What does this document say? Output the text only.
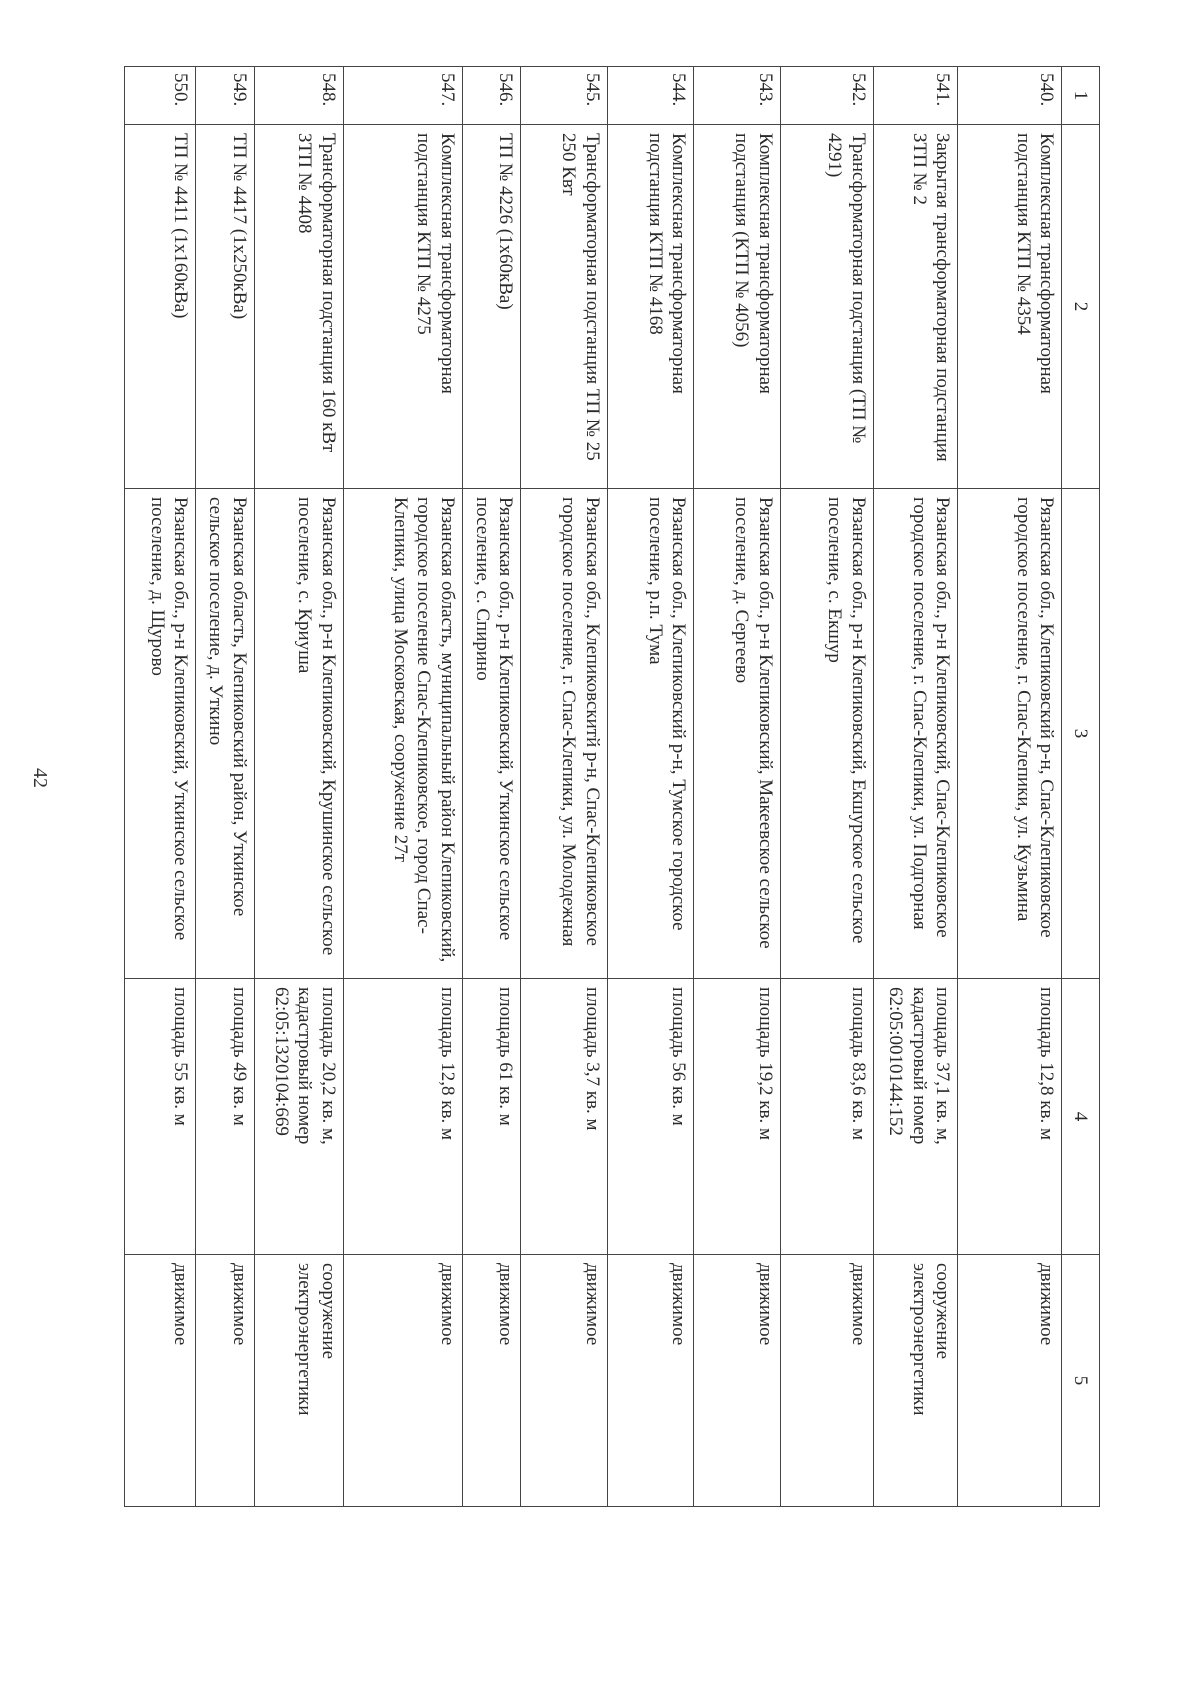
42
1	2	3	4	5
540.	Комплексная трансформаторная подстанция КТП № 4354	Рязанская обл., Клепиковский р-н, Спас-Клепиковское городское поселение, г. Спас-Клепики, ул. Кузьмина	площадь 12,8 кв. м	движимое
541.	Закрытая трансформаторная подстанция ЗТП № 2	Рязанская обл., р-н Клепиковский, Спас-Клепиковское городское поселение, г. Спас-Клепики, ул. Подгорная	площадь 37,1 кв. м, кадастровый номер 62:05:0010144:152	сооружение электроэнергетики
542.	Трансформаторная подстанция (ТП № 4291)	Рязанская обл., р-н Клепиковский, Екшурское сельское поселение, с. Екшур	площадь 83,6 кв. м	движимое
543.	Комплексная трансформаторная подстанция (КТП № 4056)	Рязанская обл., р-н Клепиковский, Макеевское сельское поселение, д. Сергеево	площадь 19,2 кв. м	движимое
544.	Комплексная трансформаторная подстанция КТП № 4168	Рязанская обл., Клепиковский р-н, Тумское городское поселение, р.п. Тума	площадь 56 кв. м	движимое
545.	Трансформаторная подстанция ТП № 25 250 Квт	Рязанская обл., Клепиковскитй р-н, Спас-Клепиковское городское поселение, г. Спас-Клепики, ул. Молодежная	площадь 3,7 кв. м	движимое
546.	ТП № 4226 (1х60кВа)	Рязанская обл., р-н Клепиковский, Уткинское сельское поселение, с. Спирино	площадь 61 кв. м	движимое
547.	Комплексная трансформаторная подстанция КТП № 4275	Рязанская область, муниципальный район Клепиковский, городское поселение Спас-Клепиковское, город Спас-Клепики, улица Московская, сооружение 27т	площадь 12,8 кв. м	движимое
548.	Трансформаторная подстанция 160 кВт ЗТП № 4408	Рязанская обл., р-н Клепиковский, Крушинское сельское поселение, с. Криуша	площадь 20,2 кв. м, кадастровый номер 62:05:1320104:669	сооружение электроэнергетики
549.	ТП № 4417 (1х250кВа)	Рязанская область, Клепиковский район, Уткинское сельское поселение, д. Уткино	площадь 49 кв. м	движимое
550.	ТП № 4411 (1х160кВа)	Рязанская обл., р-н Клепиковский, Уткинское сельское поселение, д. Щурово	площадь 55 кв. м	движимое
